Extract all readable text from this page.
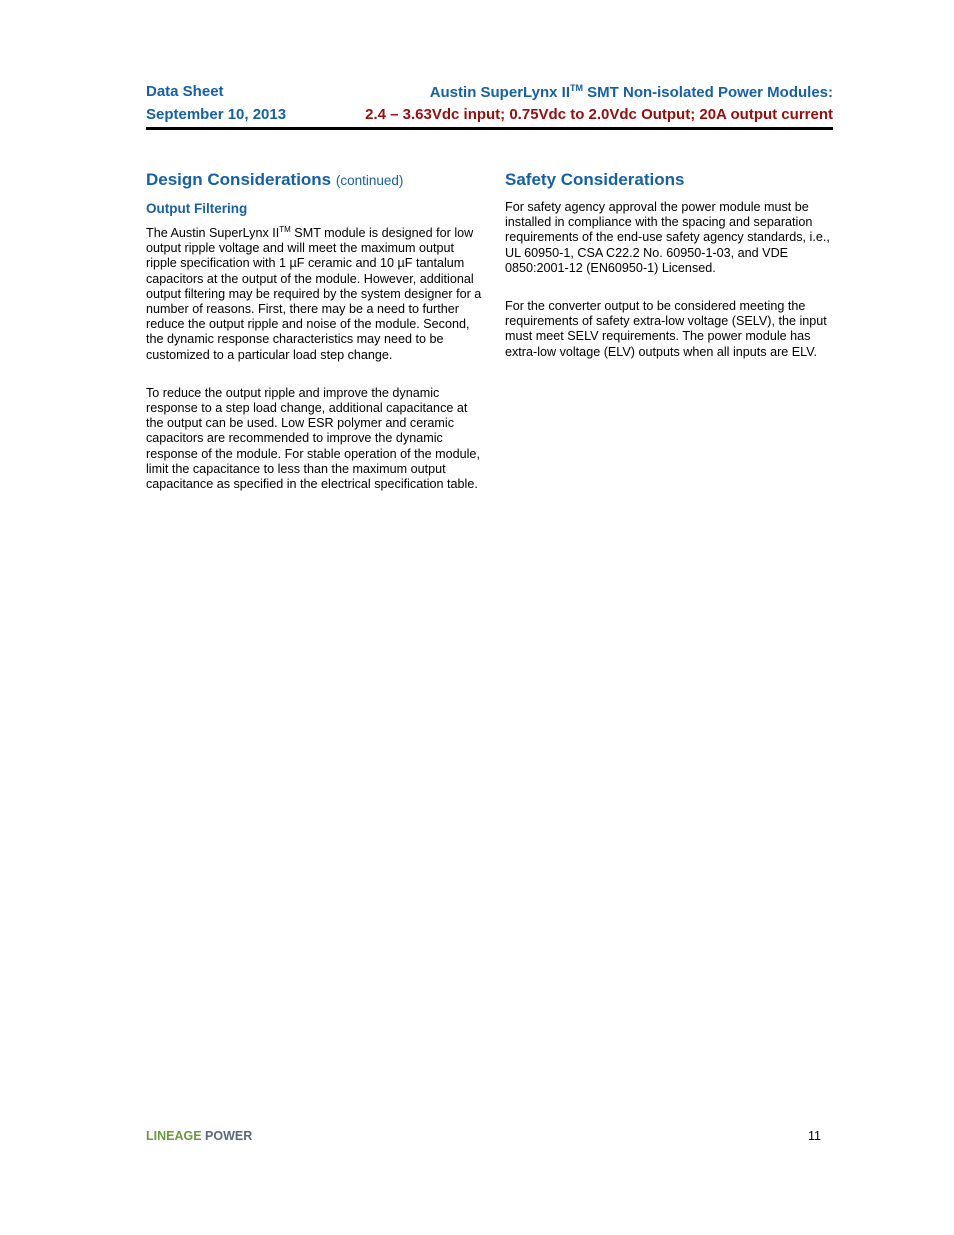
Data Sheet	Austin SuperLynx II™ SMT Non-isolated Power Modules:
September 10, 2013	2.4 – 3.63Vdc input; 0.75Vdc to 2.0Vdc Output; 20A output current
Design Considerations (continued)
Output Filtering

The Austin SuperLynx II™ SMT module is designed for low output ripple voltage and will meet the maximum output ripple specification with 1 µF ceramic and 10 µF tantalum capacitors at the output of the module. However, additional output filtering may be required by the system designer for a number of reasons. First, there may be a need to further reduce the output ripple and noise of the module. Second, the dynamic response characteristics may need to be customized to a particular load step change.

To reduce the output ripple and improve the dynamic response to a step load change, additional capacitance at the output can be used. Low ESR polymer and ceramic capacitors are recommended to improve the dynamic response of the module. For stable operation of the module, limit the capacitance to less than the maximum output capacitance as specified in the electrical specification table.

Safety Considerations

For safety agency approval the power module must be installed in compliance with the spacing and separation requirements of the end-use safety agency standards, i.e., UL 60950-1, CSA C22.2 No. 60950-1-03, and VDE 0850:2001-12 (EN60950-1) Licensed.

For the converter output to be considered meeting the requirements of safety extra-low voltage (SELV), the input must meet SELV requirements. The power module has extra-low voltage (ELV) outputs when all inputs are ELV.

LINEAGE POWER	11
